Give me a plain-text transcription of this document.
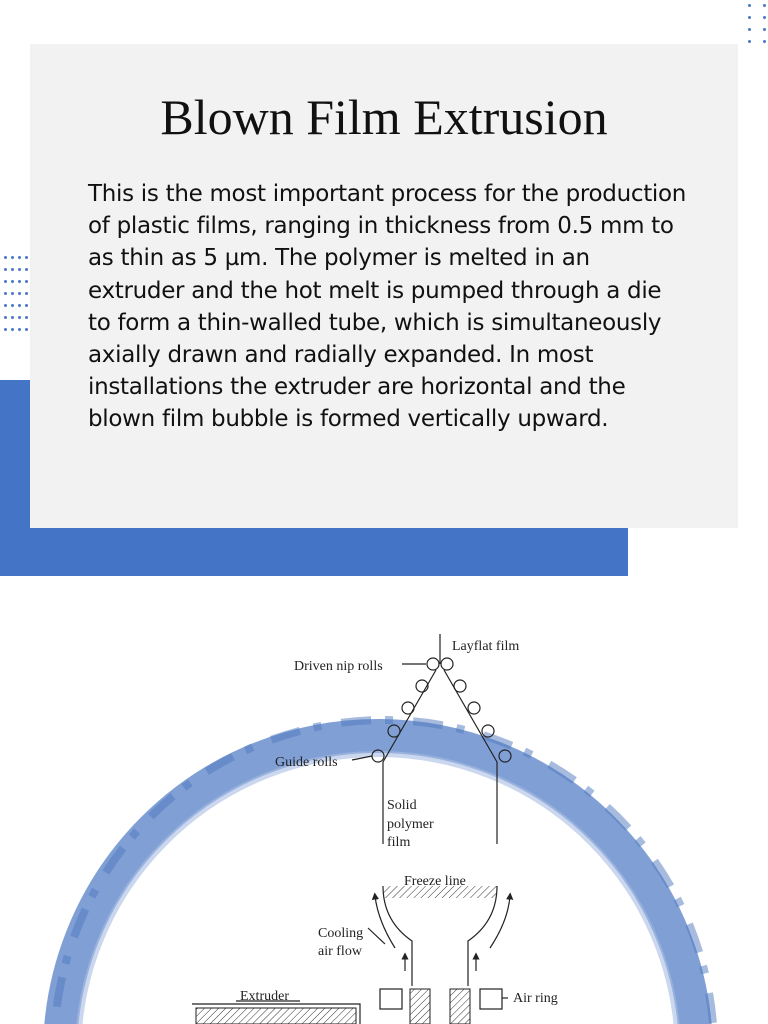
Blown Film Extrusion

This is the most important process for the production of plastic films, ranging in thickness from 0.5 mm to as thin as 5 µm. The polymer is melted in an extruder and the hot melt is pumped through a die to form a thin-walled tube, which is simultaneously axially drawn and radially expanded. In most installations the extruder are horizontal and the blown film bubble is formed vertically upward.

Layflat film
Driven nip rolls
Guide rolls
Solid
polymer
film
Freeze line
Cooling
air flow
Air ring
Extruder
